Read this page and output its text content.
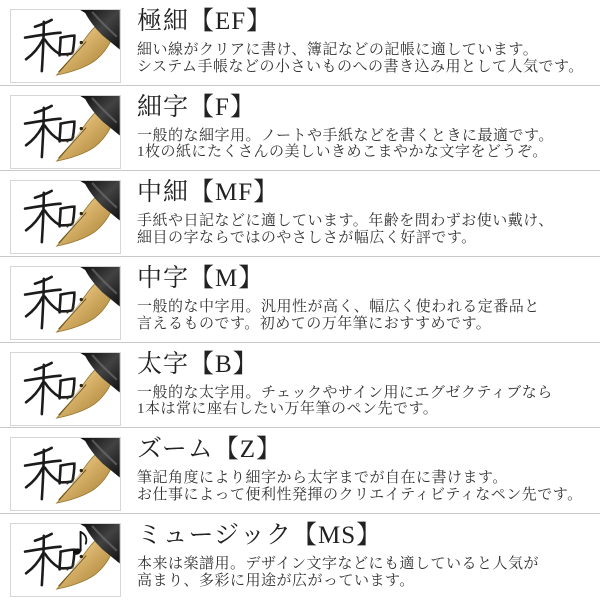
極細【EF】
細い線がクリアに書け、簿記などの記帳に適しています。
システム手帳などの小さいものへの書き込み用として人気です。
細字【F】
一般的な細字用。ノートや手紙などを書くときに最適です。
1枚の紙にたくさんの美しいきめこまやかな文字をどうぞ。
中細【MF】
手紙や日記などに適しています。年齢を問わずお使い戴け、
細目の字ならではのやさしさが幅広く好評です。
中字【M】
一般的な中字用。汎用性が高く、幅広く使われる定番品と
言えるものです。初めての万年筆におすすめです。
太字【B】
一般的な太字用。チェックやサイン用にエグゼクティブなら
1本は常に座右したい万年筆のペン先です。
ズーム【Z】
筆記角度により細字から太字までが自在に書けます。
お仕事によって便利性発揮のクリエイティビティなペン先です。
ミュージック【MS】
本来は楽譜用。デザイン文字などにも適していると人気が
高まり、多彩に用途が広がっています。
